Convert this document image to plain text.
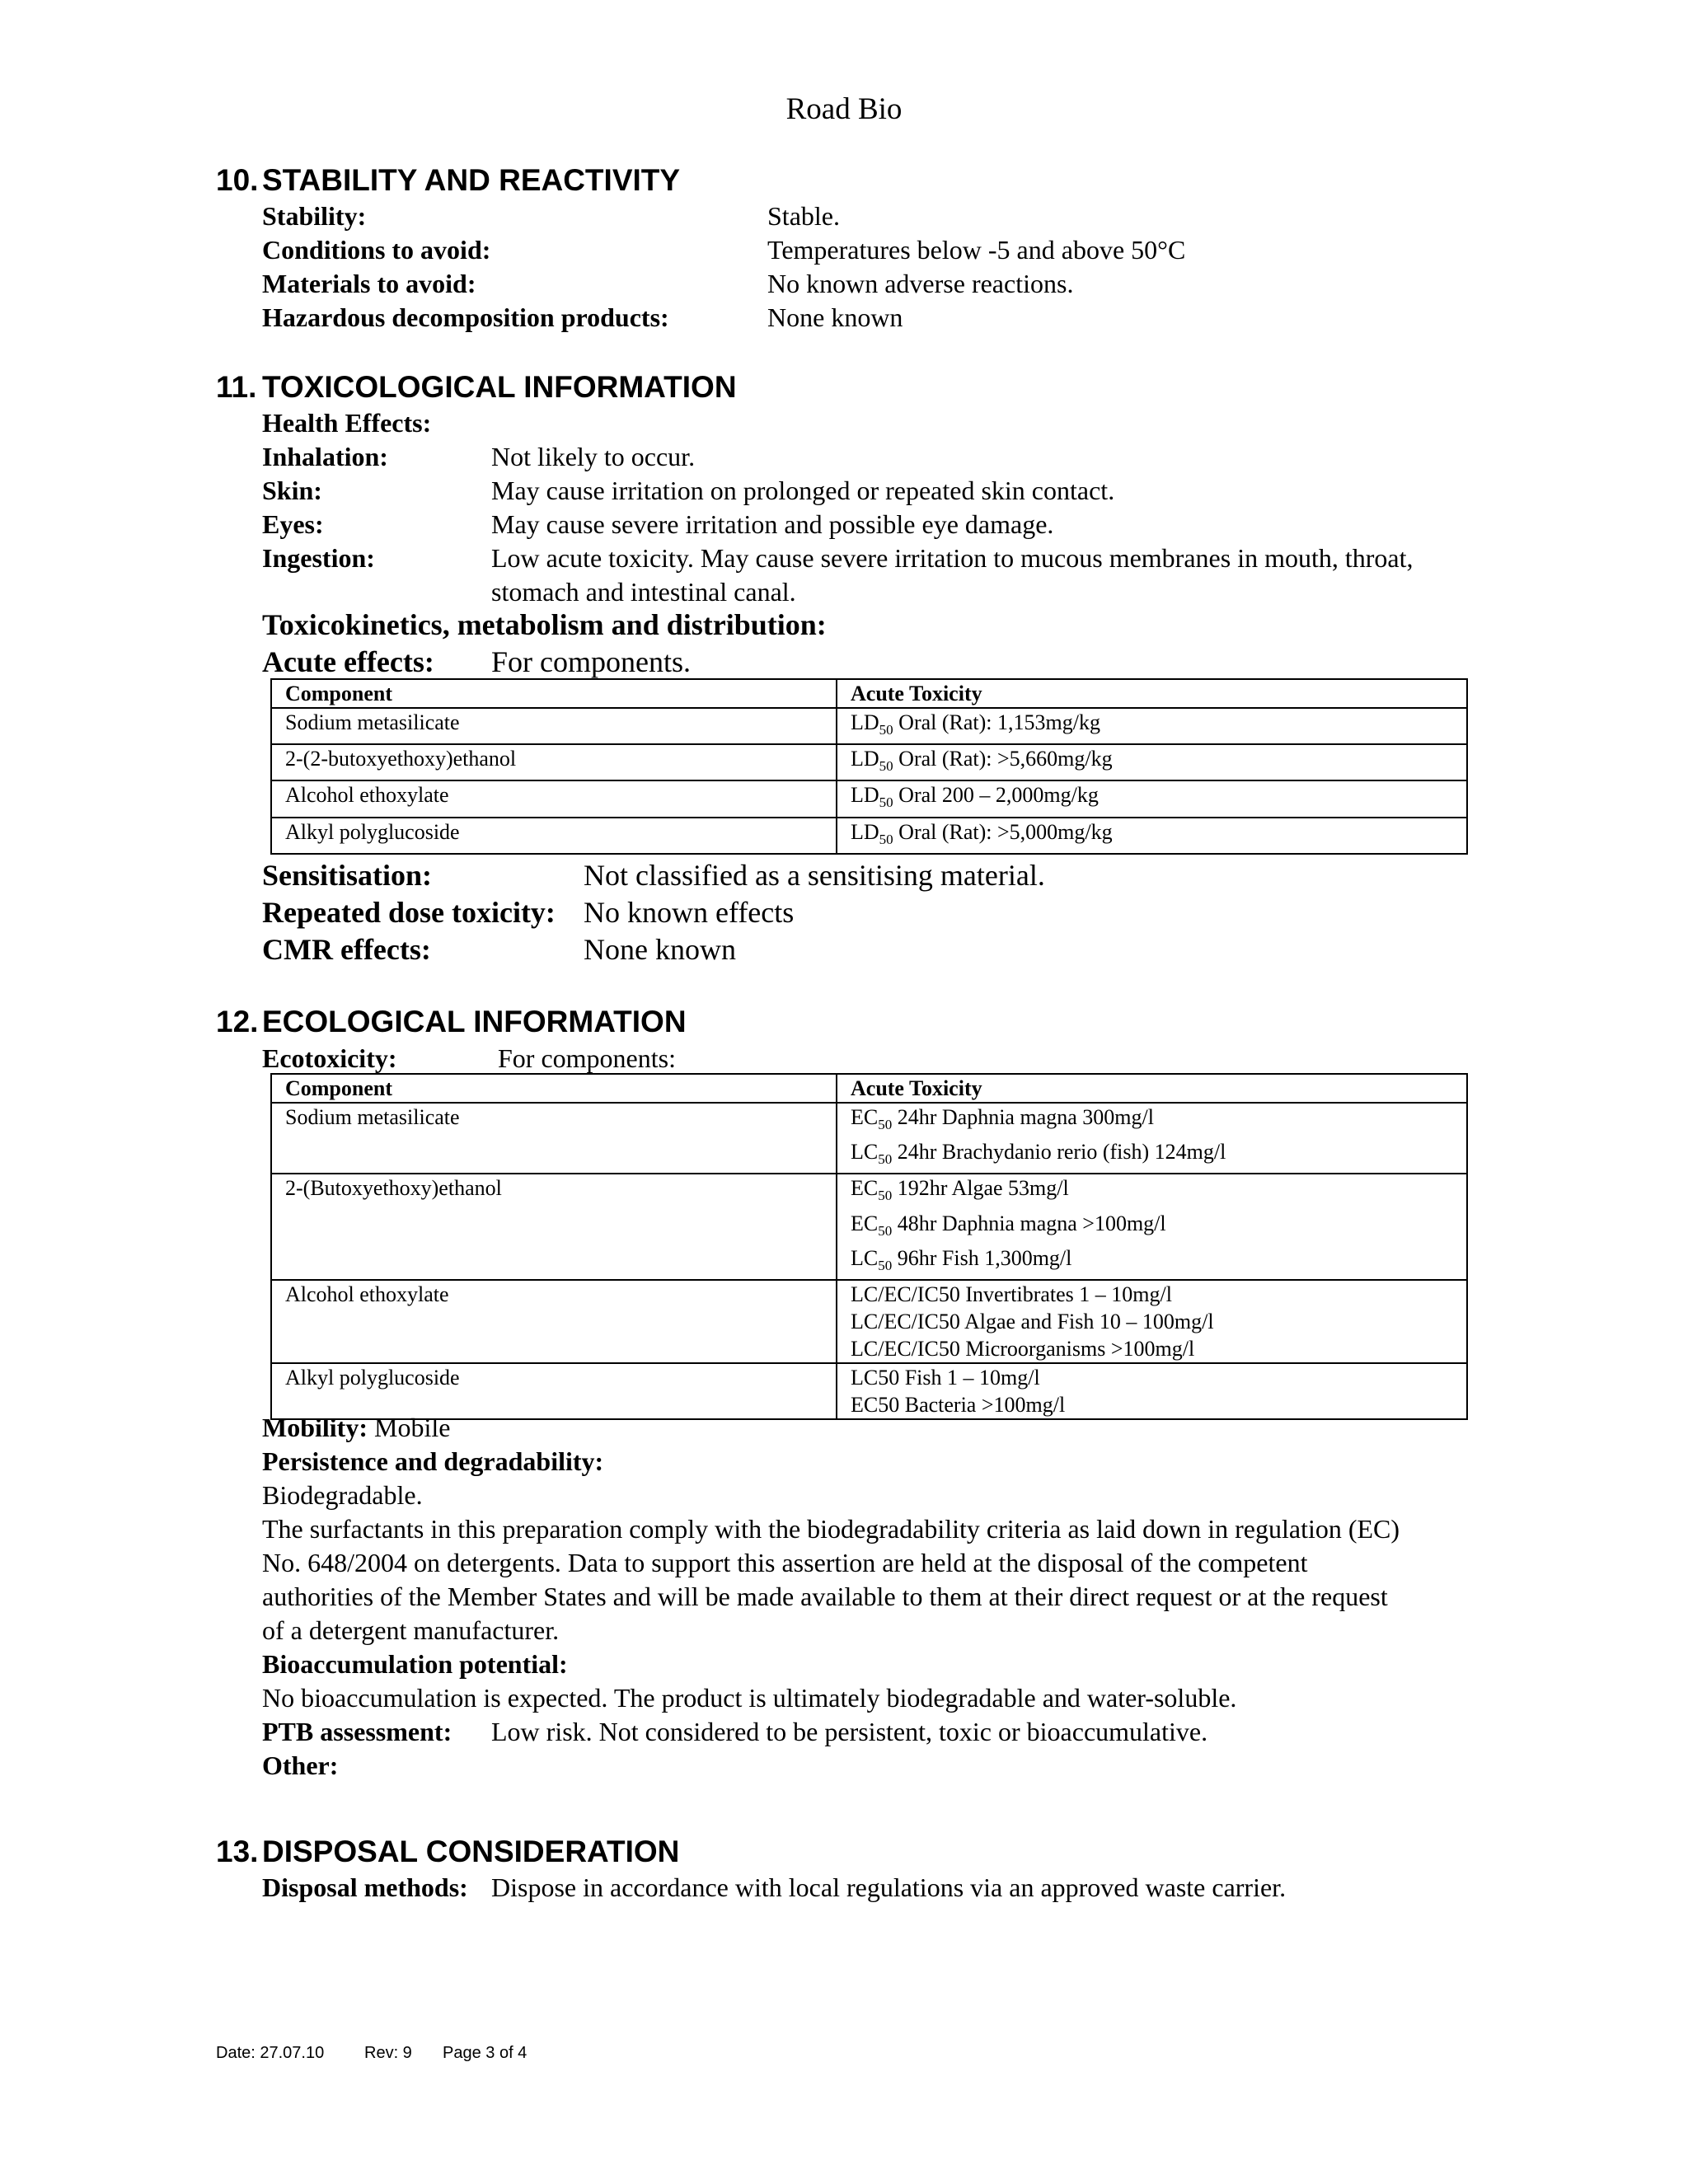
Road Bio
10. STABILITY AND REACTIVITY
Stability:	Stable.
Conditions to avoid:	Temperatures below -5 and above 50°C
Materials to avoid:	No known adverse reactions.
Hazardous decomposition products:	None known
11. TOXICOLOGICAL INFORMATION
Health Effects:
Inhalation:	Not likely to occur.
Skin:	May cause irritation on prolonged or repeated skin contact.
Eyes:	May cause severe irritation and possible eye damage.
Ingestion:	Low acute toxicity. May cause severe irritation to mucous membranes in mouth, throat,
stomach and intestinal canal.
Toxicokinetics, metabolism and distribution:
Acute effects: For components.
Component	Acute Toxicity
Sodium metasilicate	$LD_{50}$ Oral (Rat): 1,153mg/kg
2-(2-butoxyethoxy)ethanol	$LD_{50}$ Oral (Rat): >5,660mg/kg
Alcohol ethoxylate	$LD_{50}$ Oral 200 – 2,000mg/kg
Alkyl polyglucoside	$LD_{50}$ Oral (Rat): >5,000mg/kg
Sensitisation:	Not classified as a sensitising material.
Repeated dose toxicity: No known effects
CMR effects:	None known
12. ECOLOGICAL INFORMATION
Ecotoxicity:	For components:
Component	Acute Toxicity
Sodium metasilicate	$EC_{50}$ 24hr Daphnia magna 300mg/l
$LC_{50}$ 24hr Brachydanio rerio (fish) 124mg/l

2-(Butoxyethoxy)ethanol	$EC_{50}$ 192hr Algae 53mg/l
$EC_{50}$ 48hr Daphnia magna >100mg/l
$LC_{50}$ 96hr Fish 1,300mg/l

Alcohol ethoxylate	LC/EC/IC50 Invertibrates 1 – 10mg/l
LC/EC/IC50 Algae and Fish 10 – 100mg/l
LC/EC/IC50 Microorganisms >100mg/l

Alkyl polyglucoside	LC50 Fish 1 – 10mg/l
EC50 Bacteria >100mg/l
Mobility: Mobile
Persistence and degradability:
Biodegradable.
The surfactants in this preparation comply with the biodegradability criteria as laid down in regulation (EC)
No. 648/2004 on detergents. Data to support this assertion are held at the disposal of the competent
authorities of the Member States and will be made available to them at their direct request or at the request
of a detergent manufacturer.
Bioaccumulation potential:
No bioaccumulation is expected. The product is ultimately biodegradable and water-soluble.
PTB assessment: Low risk. Not considered to be persistent, toxic or bioaccumulative.
Other:
13. DISPOSAL CONSIDERATION
Disposal methods: Dispose in accordance with local regulations via an approved waste carrier.
Date: 27.07.10 Rev: 9 Page 3 of 4
